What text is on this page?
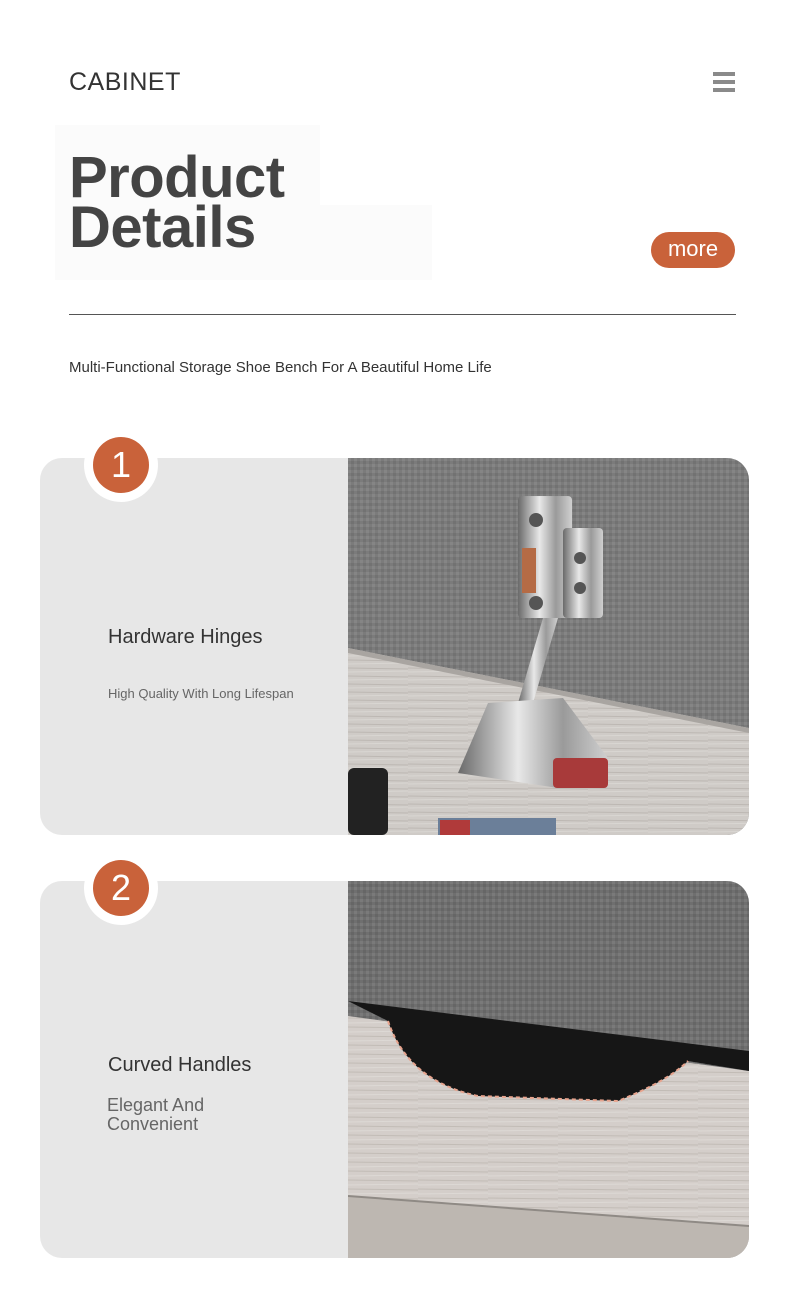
CABINET
Product
Details	more
Multi-Functional Storage Shoe Bench For A Beautiful Home Life
Hardware Hinges
High Quality With Long Lifespan
1
Curved Handles
Elegant And
Convenient
2
